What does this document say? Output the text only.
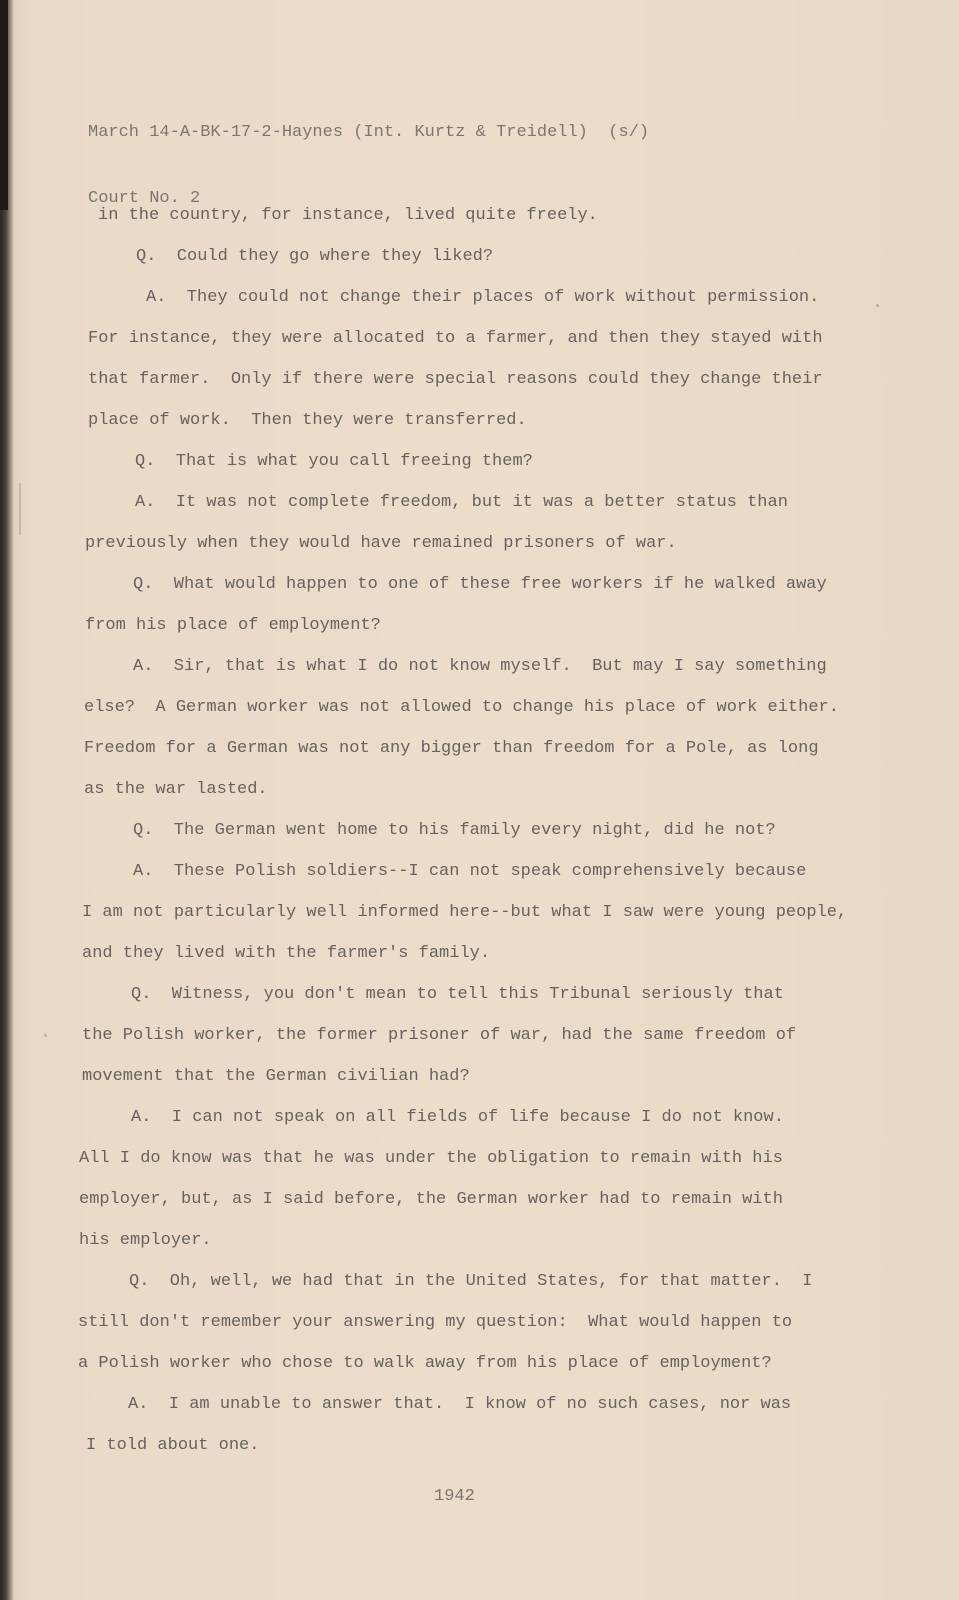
March 14-A-BK-17-2-Haynes (Int. Kurtz & Treidell)  (s/)

Court No. 2

in the country, for instance, lived quite freely.
Q.  Could they go where they liked?
A.  They could not change their places of work without permission.
For instance, they were allocated to a farmer, and then they stayed with
that farmer.  Only if there were special reasons could they change their
place of work.  Then they were transferred.
Q.  That is what you call freeing them?
A.  It was not complete freedom, but it was a better status than
previously when they would have remained prisoners of war.
Q.  What would happen to one of these free workers if he walked away
from his place of employment?
A.  Sir, that is what I do not know myself.  But may I say something
else?  A German worker was not allowed to change his place of work either.
Freedom for a German was not any bigger than freedom for a Pole, as long
as the war lasted.
Q.  The German went home to his family every night, did he not?
A.  These Polish soldiers--I can not speak comprehensively because
I am not particularly well informed here--but what I saw were young people,
and they lived with the farmer's family.
Q.  Witness, you don't mean to tell this Tribunal seriously that
the Polish worker, the former prisoner of war, had the same freedom of
movement that the German civilian had?
A.  I can not speak on all fields of life because I do not know.
All I do know was that he was under the obligation to remain with his
employer, but, as I said before, the German worker had to remain with
his employer.
Q.  Oh, well, we had that in the United States, for that matter.  I
still don't remember your answering my question:  What would happen to
a Polish worker who chose to walk away from his place of employment?
A.  I am unable to answer that.  I know of no such cases, nor was
I told about one.
1942
